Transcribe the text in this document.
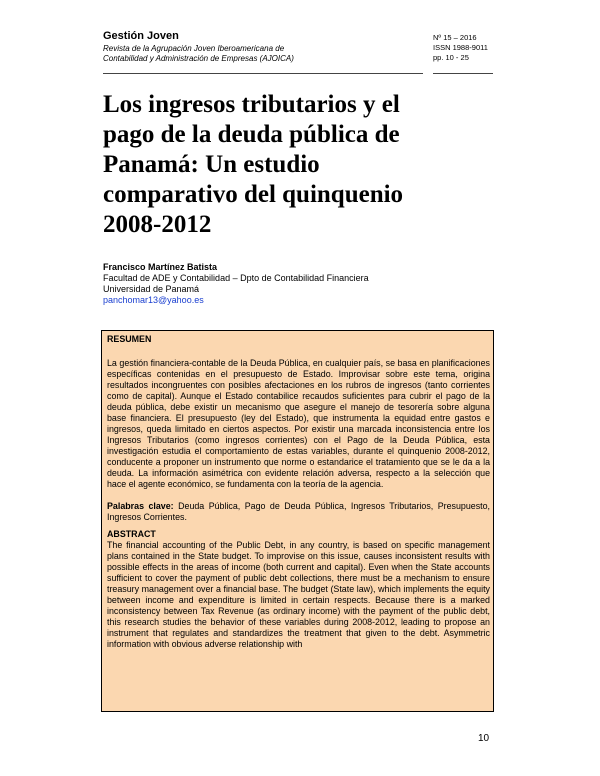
Gestión Joven
Revista de la Agrupación Joven Iberoamericana de
Contabilidad y Administración de Empresas (AJOICA)
Nº 15 – 2016
ISSN 1988-9011
pp. 10 - 25
Los ingresos tributarios y el pago de la deuda pública de Panamá: Un estudio comparativo del quinquenio 2008-2012
Francisco Martínez Batista
Facultad de ADE y Contabilidad – Dpto de Contabilidad Financiera
Universidad de Panamá
panchomar13@yahoo.es
RESUMEN

La gestión financiera-contable de la Deuda Pública, en cualquier país, se basa en planificaciones específicas contenidas en el presupuesto de Estado. Improvisar sobre este tema, origina resultados incongruentes con posibles afectaciones en los rubros de ingresos (tanto corrientes como de capital). Aunque el Estado contabilice recaudos suficientes para cubrir el pago de la deuda pública, debe existir un mecanismo que asegure el manejo de tesorería sobre alguna base financiera. El presupuesto (ley del Estado), que instrumenta la equidad entre gastos e ingresos, queda limitado en ciertos aspectos. Por existir una marcada inconsistencia entre los Ingresos Tributarios (como ingresos corrientes) con el Pago de la Deuda Pública, esta investigación estudia el comportamiento de estas variables, durante el quinquenio 2008-2012, conducente a proponer un instrumento que norme o estandarice el tratamiento que se le da a la deuda. La información asimétrica con evidente relación adversa, respecto a la selección que hace el agente económico, se fundamenta con la teoría de la agencia.

Palabras clave: Deuda Pública, Pago de Deuda Pública, Ingresos Tributarios, Presupuesto, Ingresos Corrientes.

ABSTRACT

The financial accounting of the Public Debt, in any country, is based on specific management plans contained in the State budget. To improvise on this issue, causes inconsistent results with possible effects in the areas of income (both current and capital). Even when the State accounts sufficient to cover the payment of public debt collections, there must be a mechanism to ensure treasury management over a financial base. The budget (State law), which implements the equity between income and expenditure is limited in certain respects. Because there is a marked inconsistency between Tax Revenue (as ordinary income) with the payment of the public debt, this research studies the behavior of these variables during 2008-2012, leading to propose an instrument that regulates and standardizes the treatment that given to the debt. Asymmetric information with obvious adverse relationship with

10
